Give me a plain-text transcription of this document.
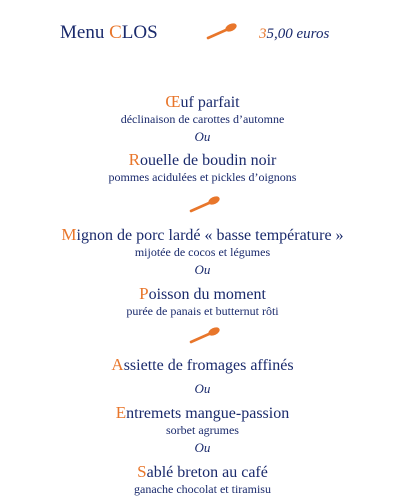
Menu CLOS	35,00 euros
Œuf parfait
déclinaison de carottes d’automne
Ou
Rouelle de boudin noir
pommes acidulées et pickles d’oignons
Mignon de porc lardé « basse température »
mijotée de cocos et légumes
Ou
Poisson du moment
purée de panais et butternut rôti
Assiette de fromages affinés
Ou
Entremets mangue-passion
sorbet agrumes
Ou
Sablé breton au café
ganache chocolat et tiramisu
